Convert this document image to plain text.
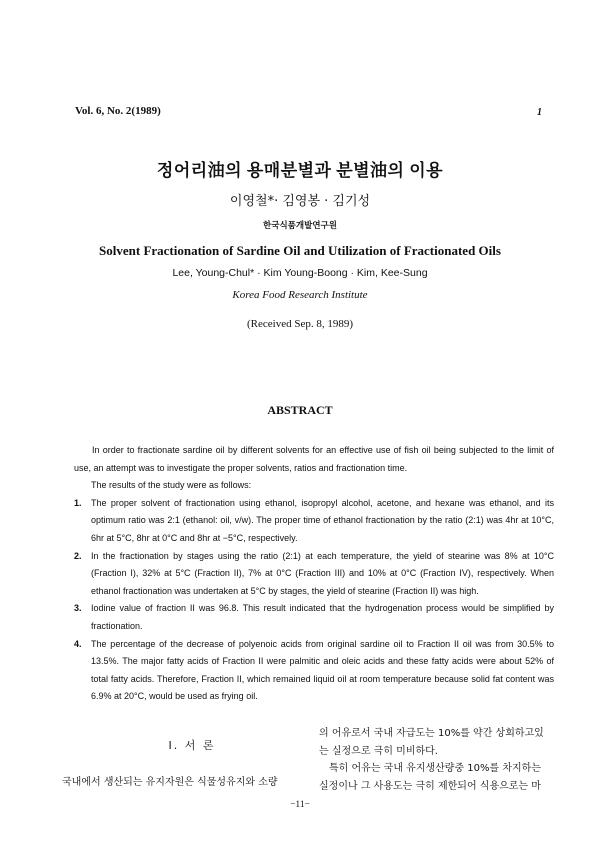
Vol. 6, No. 2(1989)	1
정어리油의 용매분별과 분별油의 이용
이영철*· 김영봉 · 김기성
한국식품개발연구원
Solvent Fractionation of Sardine Oil and Utilization of Fractionated Oils
Lee, Young-Chul* · Kim Young-Boong · Kim, Kee-Sung
Korea Food Research Institute
(Received Sep. 8, 1989)
ABSTRACT

In order to fractionate sardine oil by different solvents for an effective use of fish oil being subjected to the limit of use, an attempt was to investigate the proper solvents, ratios and fractionation time.

The results of the study were as follows:

1. The proper solvent of fractionation using ethanol, isopropyl alcohol, acetone, and hexane was ethanol, and its optimum ratio was 2:1 (ethanol: oil, v/w). The proper time of ethanol fractionation by the ratio (2:1) was 4hr at 10°C, 6hr at 5°C, 8hr at 0°C and 8hr at −5°C, respectively.
2. In the fractionation by stages using the ratio (2:1) at each temperature, the yield of stearine was 8% at 10°C (Fraction I), 32% at 5°C (Fraction II), 7% at 0°C (Fraction III) and 10% at 0°C (Fraction IV), respectively. When ethanol fractionation was undertaken at 5°C by stages, the yield of stearine (Fraction II) was high.
3. Iodine value of fraction II was 96.8. This result indicated that the hydrogenation process would be simplified by fractionation.
4. The percentage of the decrease of polyenoic acids from original sardine oil to Fraction II oil was from 30.5% to 13.5%. The major fatty acids of Fraction II were palmitic and oleic acids and these fatty acids were about 52% of total fatty acids. Therefore, Fraction II, which remained liquid oil at room temperature because solid fat content was 6.9% at 20°C, would be used as frying oil.
I. 서 론
국내에서 생산되는 유지자원은 식물성유지와 소량

의 어유로서 국내 자급도는 10%를 약간 상회하고있

는 실정으로 극히 미비하다.

특히 어유는 국내 유지생산량중 10%를 차지하는

실정이나 그 사용도는 극히 제한되어 식용으로는 마

−11−
